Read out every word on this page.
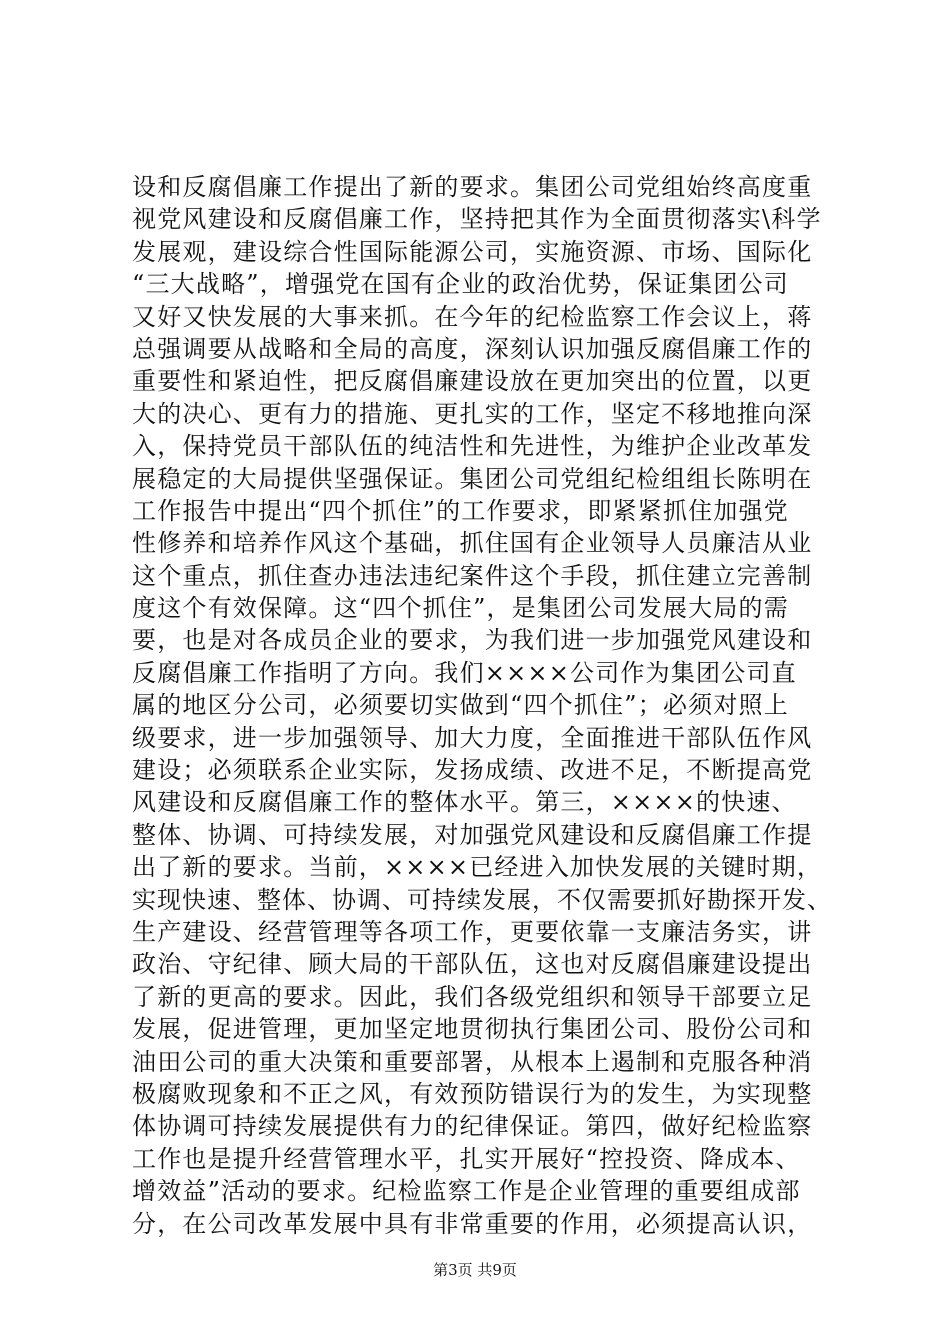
设和反腐倡廉工作提出了新的要求。集团公司党组始终高度重
视党风建设和反腐倡廉工作，坚持把其作为全面贯彻落实\科学
发展观，建设综合性国际能源公司，实施资源、市场、国际化
“三大战略”，增强党在国有企业的政治优势，保证集团公司
又好又快发展的大事来抓。在今年的纪检监察工作会议上，蒋
总强调要从战略和全局的高度，深刻认识加强反腐倡廉工作的
重要性和紧迫性，把反腐倡廉建设放在更加突出的位置，以更
大的决心、更有力的措施、更扎实的工作，坚定不移地推向深
入，保持党员干部队伍的纯洁性和先进性，为维护企业改革发
展稳定的大局提供坚强保证。集团公司党组纪检组组长陈明在
工作报告中提出“四个抓住”的工作要求，即紧紧抓住加强党
性修养和培养作风这个基础，抓住国有企业领导人员廉洁从业
这个重点，抓住查办违法违纪案件这个手段，抓住建立完善制
度这个有效保障。这“四个抓住”，是集团公司发展大局的需
要，也是对各成员企业的要求，为我们进一步加强党风建设和
反腐倡廉工作指明了方向。我们××××公司作为集团公司直
属的地区分公司，必须要切实做到“四个抓住”；必须对照上
级要求，进一步加强领导、加大力度，全面推进干部队伍作风
建设；必须联系企业实际，发扬成绩、改进不足，不断提高党
风建设和反腐倡廉工作的整体水平。第三，××××的快速、
整体、协调、可持续发展，对加强党风建设和反腐倡廉工作提
出了新的要求。当前，××××已经进入加快发展的关键时期，
实现快速、整体、协调、可持续发展，不仅需要抓好勘探开发、
生产建设、经营管理等各项工作，更要依靠一支廉洁务实，讲
政治、守纪律、顾大局的干部队伍，这也对反腐倡廉建设提出
了新的更高的要求。因此，我们各级党组织和领导干部要立足
发展，促进管理，更加坚定地贯彻执行集团公司、股份公司和
油田公司的重大决策和重要部署，从根本上遏制和克服各种消
极腐败现象和不正之风，有效预防错误行为的发生，为实现整
体协调可持续发展提供有力的纪律保证。第四，做好纪检监察
工作也是提升经营管理水平，扎实开展好“控投资、降成本、
增效益”活动的要求。纪检监察工作是企业管理的重要组成部
分，在公司改革发展中具有非常重要的作用，必须提高认识，
第3页 共9页
